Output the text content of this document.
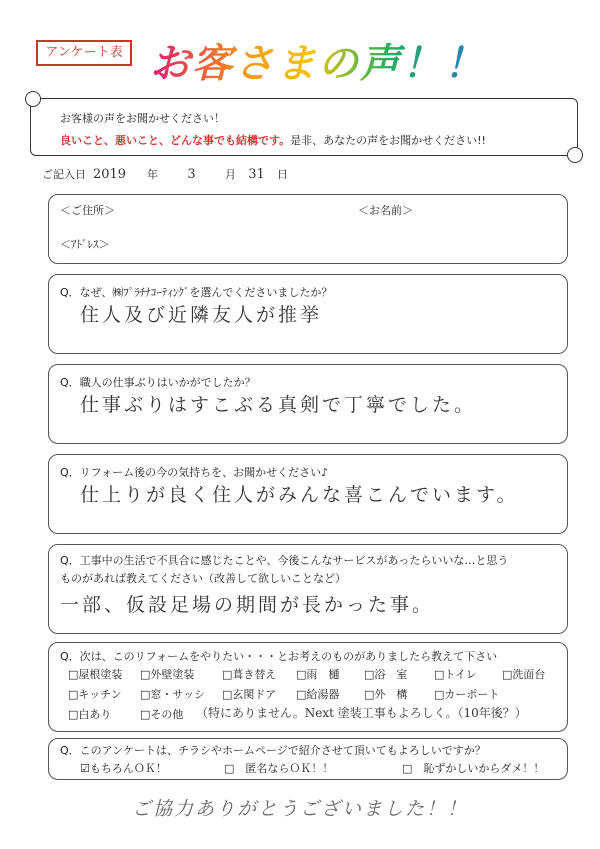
アンケート表 お客さまの声！！
お客様の声をお聞かせください！
良いこと、悪いこと、どんな事でも結構です。是非、あなたの声をお聞かせください!!
ご記入日 2019 年 3	月 31 日
＜ご住所＞	＜お名前＞
＜ｱﾄﾞﾚｽ＞
Q．なぜ、㈱ﾌﾟﾗﾁﾅｺｰﾃｨﾝｸﾞを選んでくださいましたか？
住人及び近隣友人が推挙
Q．職人の仕事ぶりはいかがでしたか？
仕事ぶりはすこぶる真剣で丁寧でした。
Q．リフォーム後の今の気持ちを、お聞かせください♪
仕上りが良く住人がみんな喜こんでいます。
Q．工事中の生活で不具合に感じたことや、今後こんなサービスがあったらいいな…と思う
ものがあれば教えてください（改善して欲しいことなど）
一部、仮設足場の期間が長かった事。
Q．次は、このリフォームをやりたい・・・とお考えのものがありましたら教えて下さい
□屋根塗装 □外壁塗装	□葺き替え □雨　樋 □浴　室 □トイレ □洗面台
□キッチン □窓・サッシ □玄関ドア □給湯器 □外　構 □カーポート
□白あり	□その他 （特にありません。Next 塗装工事もよろしく。（10年後？）
Q．このアンケートは、チラシやホームページで紹介させて頂いてもよろしいですか？
☑もちろんＯＫ！	□　匿名ならＯＫ！！	□　恥ずかしいからダメ！！
ご協力ありがとうございました！！
